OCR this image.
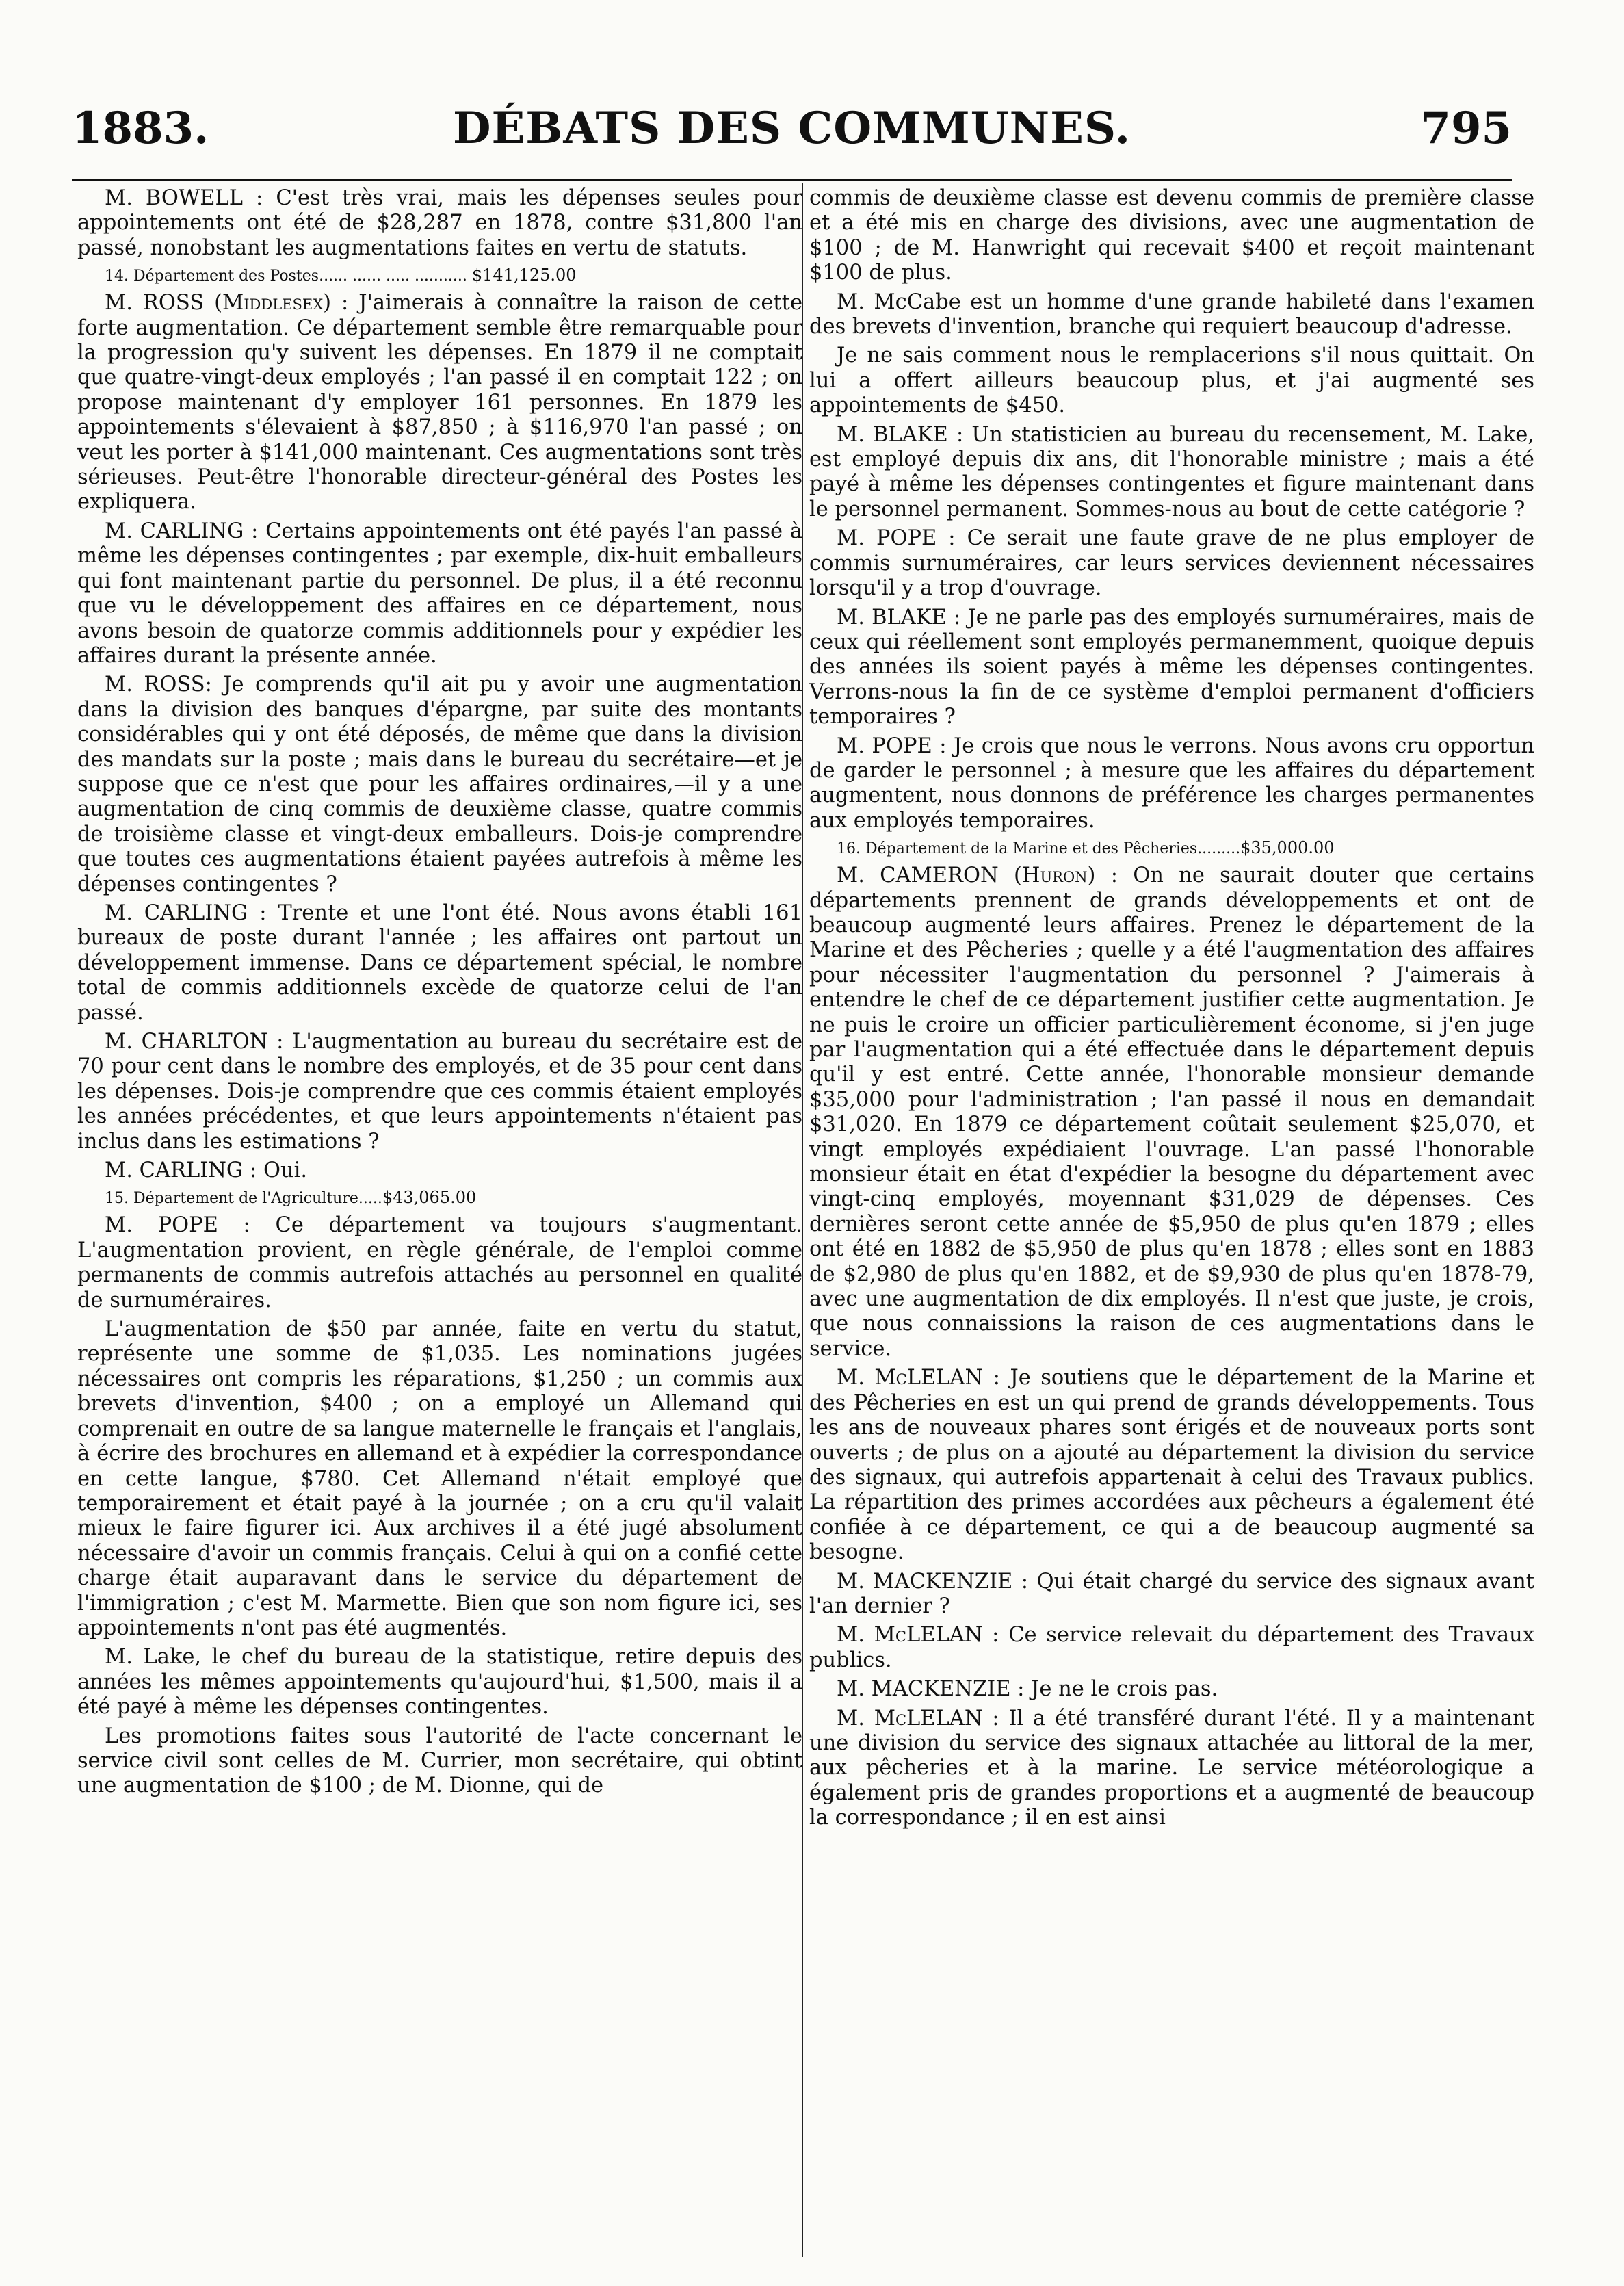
1883.	DÉBATS DES COMMUNES.	795

M. BOWELL : C'est très vrai, mais les dépenses seules pour appointements ont été de $28,287 en 1878, contre $31,800 l'an passé, nonobstant les augmentations faites en vertu de statuts.

14. Département des Postes...... ...... ..... ........... $141,125.00

M. ROSS (Middlesex) : J'aimerais à connaître la raison de cette forte augmentation. Ce département semble être remarquable pour la progression qu'y suivent les dépenses. En 1879 il ne comptait que quatre-vingt-deux employés ; l'an passé il en comptait 122 ; on propose maintenant d'y employer 161 personnes. En 1879 les appointements s'élevaient à $87,850 ; à $116,970 l'an passé ; on veut les porter à $141,000 maintenant. Ces augmentations sont très sérieuses. Peut-être l'honorable directeur-général des Postes les expliquera.

M. CARLING : Certains appointements ont été payés l'an passé à même les dépenses contingentes ; par exemple, dix-huit emballeurs qui font maintenant partie du personnel. De plus, il a été reconnu que vu le développement des affaires en ce département, nous avons besoin de quatorze commis additionnels pour y expédier les affaires durant la présente année.

M. ROSS: Je comprends qu'il ait pu y avoir une augmentation dans la division des banques d'épargne, par suite des montants considérables qui y ont été déposés, de même que dans la division des mandats sur la poste ; mais dans le bureau du secrétaire—et je suppose que ce n'est que pour les affaires ordinaires,—il y a une augmentation de cinq commis de deuxième classe, quatre commis de troisième classe et vingt-deux emballeurs. Dois-je comprendre que toutes ces augmentations étaient payées autrefois à même les dépenses contingentes ?

M. CARLING : Trente et une l'ont été. Nous avons établi 161 bureaux de poste durant l'année ; les affaires ont partout un développement immense. Dans ce département spécial, le nombre total de commis additionnels excède de quatorze celui de l'an passé.

M. CHARLTON : L'augmentation au bureau du secrétaire est de 70 pour cent dans le nombre des employés, et de 35 pour cent dans les dépenses. Dois-je comprendre que ces commis étaient employés les années précédentes, et que leurs appointements n'étaient pas inclus dans les estimations ?

M. CARLING : Oui.

15. Département de l'Agriculture.....$43,065.00

M. POPE : Ce département va toujours s'augmentant. L'augmentation provient, en règle générale, de l'emploi comme permanents de commis autrefois attachés au personnel en qualité de surnuméraires.

L'augmentation de $50 par année, faite en vertu du statut, représente une somme de $1,035. Les nominations jugées nécessaires ont compris les réparations, $1,250 ; un commis aux brevets d'invention, $400 ; on a employé un Allemand qui comprenait en outre de sa langue maternelle le français et l'anglais, à écrire des brochures en allemand et à expédier la correspondance en cette langue, $780. Cet Allemand n'était employé que temporairement et était payé à la journée ; on a cru qu'il valait mieux le faire figurer ici. Aux archives il a été jugé absolument nécessaire d'avoir un commis français. Celui à qui on a confié cette charge était auparavant dans le service du département de l'immigration ; c'est M. Marmette. Bien que son nom figure ici, ses appointements n'ont pas été augmentés.

M. Lake, le chef du bureau de la statistique, retire depuis des années les mêmes appointements qu'aujourd'hui, $1,500, mais il a été payé à même les dépenses contingentes.

Les promotions faites sous l'autorité de l'acte concernant le service civil sont celles de M. Currier, mon secrétaire, qui obtint une augmentation de $100 ; de M. Dionne, qui de

commis de deuxième classe est devenu commis de première classe et a été mis en charge des divisions, avec une augmentation de $100 ; de M. Hanwright qui recevait $400 et reçoit maintenant $100 de plus.

M. McCabe est un homme d'une grande habileté dans l'examen des brevets d'invention, branche qui requiert beaucoup d'adresse.

Je ne sais comment nous le remplacerions s'il nous quittait. On lui a offert ailleurs beaucoup plus, et j'ai augmenté ses appointements de $450.

M. BLAKE : Un statisticien au bureau du recensement, M. Lake, est employé depuis dix ans, dit l'honorable ministre ; mais a été payé à même les dépenses contingentes et figure maintenant dans le personnel permanent. Sommes-nous au bout de cette catégorie ?

M. POPE : Ce serait une faute grave de ne plus employer de commis surnuméraires, car leurs services deviennent nécessaires lorsqu'il y a trop d'ouvrage.

M. BLAKE : Je ne parle pas des employés surnuméraires, mais de ceux qui réellement sont employés permanemment, quoique depuis des années ils soient payés à même les dépenses contingentes. Verrons-nous la fin de ce système d'emploi permanent d'officiers temporaires ?

M. POPE : Je crois que nous le verrons. Nous avons cru opportun de garder le personnel ; à mesure que les affaires du département augmentent, nous donnons de préférence les charges permanentes aux employés temporaires.

16. Département de la Marine et des Pêcheries.........$35,000.00

M. CAMERON (Huron) : On ne saurait douter que certains départements prennent de grands développements et ont de beaucoup augmenté leurs affaires. Prenez le département de la Marine et des Pêcheries ; quelle y a été l'augmentation des affaires pour nécessiter l'augmentation du personnel ? J'aimerais à entendre le chef de ce département justifier cette augmentation. Je ne puis le croire un officier particulièrement économe, si j'en juge par l'augmentation qui a été effectuée dans le département depuis qu'il y est entré. Cette année, l'honorable monsieur demande $35,000 pour l'administration ; l'an passé il nous en demandait $31,020. En 1879 ce département coûtait seulement $25,070, et vingt employés expédiaient l'ouvrage. L'an passé l'honorable monsieur était en état d'expédier la besogne du département avec vingt-cinq employés, moyennant $31,029 de dépenses. Ces dernières seront cette année de $5,950 de plus qu'en 1879 ; elles ont été en 1882 de $5,950 de plus qu'en 1878 ; elles sont en 1883 de $2,980 de plus qu'en 1882, et de $9,930 de plus qu'en 1878-79, avec une augmentation de dix employés. Il n'est que juste, je crois, que nous connaissions la raison de ces augmentations dans le service.

M. McLELAN : Je soutiens que le département de la Marine et des Pêcheries en est un qui prend de grands développements. Tous les ans de nouveaux phares sont érigés et de nouveaux ports sont ouverts ; de plus on a ajouté au département la division du service des signaux, qui autrefois appartenait à celui des Travaux publics. La répartition des primes accordées aux pêcheurs a également été confiée à ce département, ce qui a de beaucoup augmenté sa besogne.

M. MACKENZIE : Qui était chargé du service des signaux avant l'an dernier ?

M. McLELAN : Ce service relevait du département des Travaux publics.

M. MACKENZIE : Je ne le crois pas.

M. McLELAN : Il a été transféré durant l'été. Il y a maintenant une division du service des signaux attachée au littoral de la mer, aux pêcheries et à la marine. Le service météorologique a également pris de grandes proportions et a augmenté de beaucoup la correspondance ; il en est ainsi
